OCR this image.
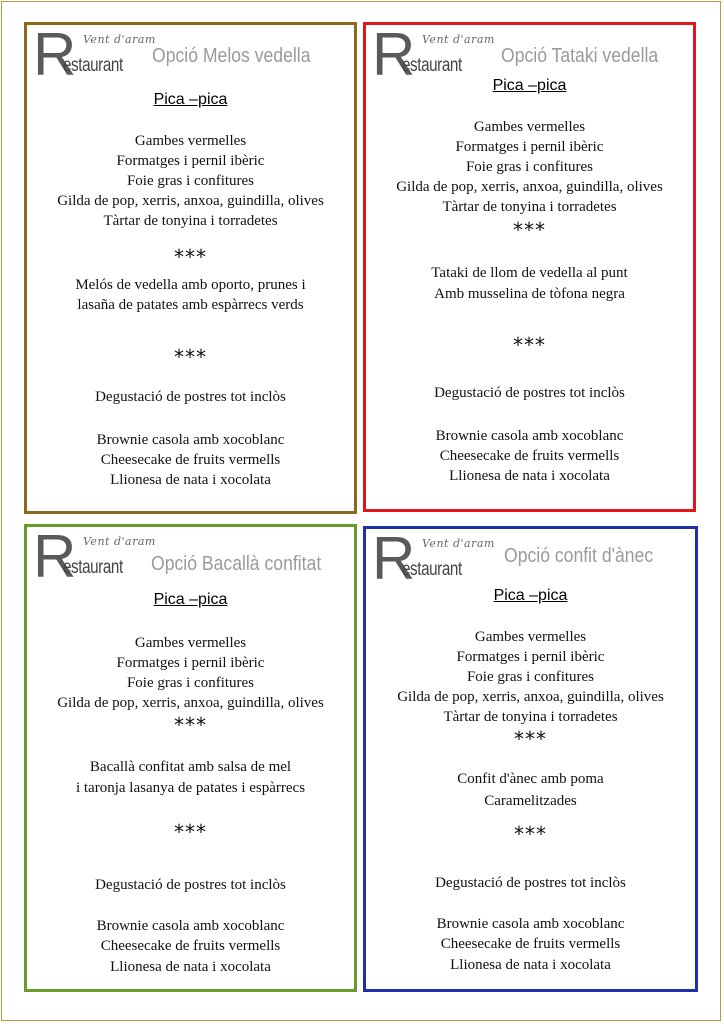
R Vent d'aram
estaurant Opció Melos vedella
Pica –pica
Gambes vermelles
Formatges i pernil ibèric
Foie gras i confitures
Gilda de pop, xerris, anxoa, guindilla, olives
Tàrtar de tonyina i torradetes
***
Melós de vedella amb oporto, prunes i
lasaña de patates amb espàrrecs verds
***
Degustació de postres tot inclòs
Brownie casola amb xocoblanc
Cheesecake de fruits vermells
Llionesa de nata i xocolata
R Vent d'aram
estaurant Opció Tataki vedella
Pica –pica
Gambes vermelles
Formatges i pernil ibèric
Foie gras i confitures
Gilda de pop, xerris, anxoa, guindilla, olives
Tàrtar de tonyina i torradetes
***
Tataki de llom de vedella al punt
Amb musselina de tòfona negra
***
Degustació de postres tot inclòs
Brownie casola amb xocoblanc
Cheesecake de fruits vermells
Llionesa de nata i xocolata
R Vent d'aram
estaurant Opció Bacallà confitat
Pica –pica
Gambes vermelles
Formatges i pernil ibèric
Foie gras i confitures
Gilda de pop, xerris, anxoa, guindilla, olives
***
Bacallà confitat amb salsa de mel
i taronja lasanya de patates i espàrrecs
***
Degustació de postres tot inclòs
Brownie casola amb xocoblanc
Cheesecake de fruits vermells
Llionesa de nata i xocolata
R Vent d'aram
estaurant
Opció confit d'ànec
Pica –pica
Gambes vermelles
Formatges i pernil ibèric
Foie gras i confitures
Gilda de pop, xerris, anxoa, guindilla, olives
Tàrtar de tonyina i torradetes
***
Confit d'ànec amb poma
Caramelitzades
***
Degustació de postres tot inclòs
Brownie casola amb xocoblanc
Cheesecake de fruits vermells
Llionesa de nata i xocolata
